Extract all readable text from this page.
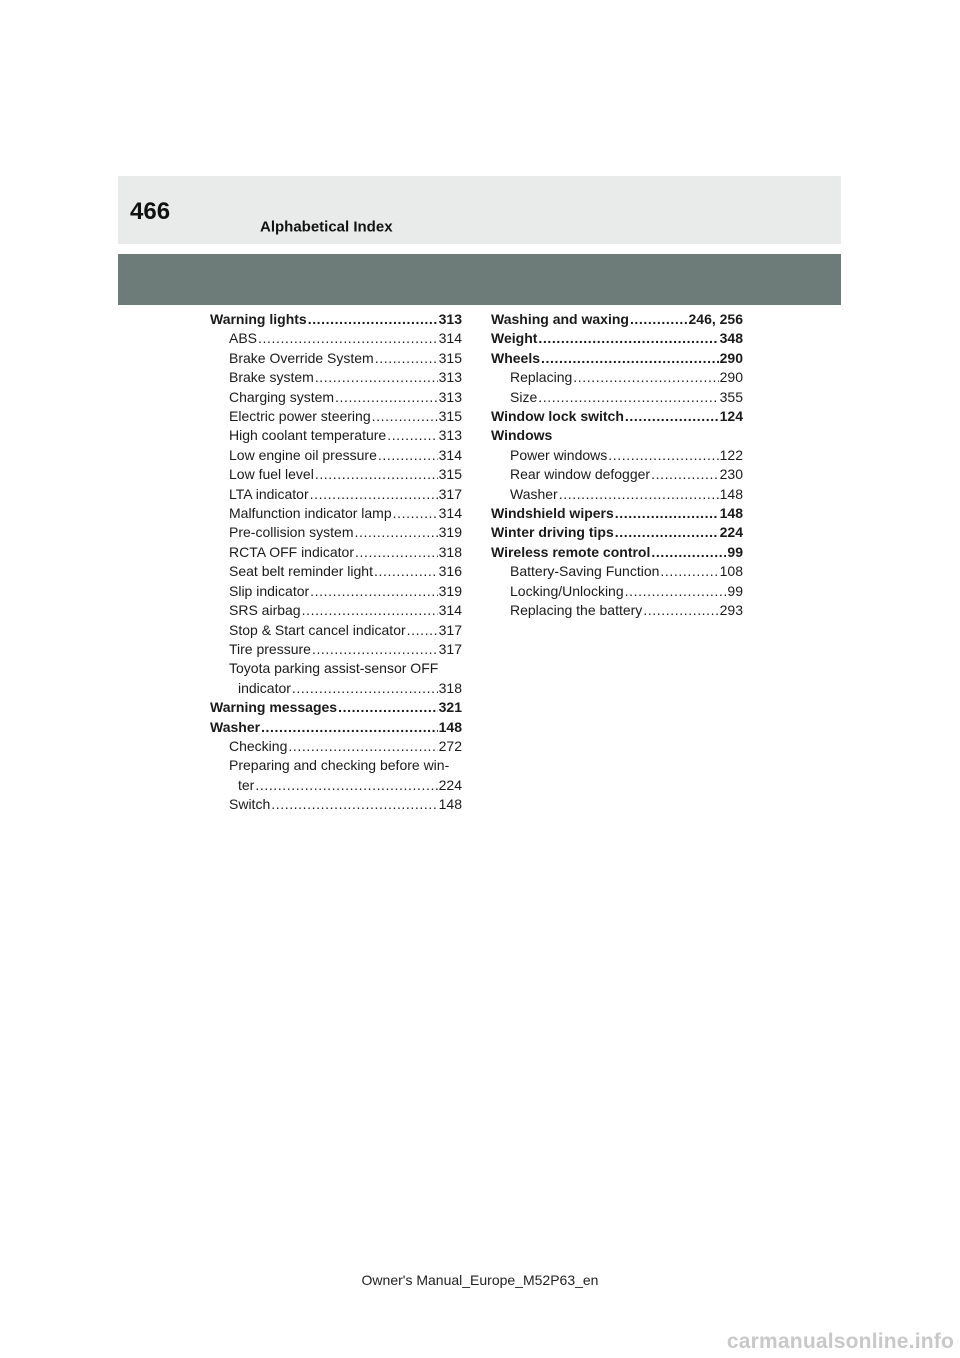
466
Alphabetical Index
Warning lights .....	313
ABS .....	314
Brake Override System .....	315
Brake system .....	313
Charging system .....	313
Electric power steering .....	315
High coolant temperature .....	313
Low engine oil pressure .....	314
Low fuel level .....	315
LTA indicator .....	317
Malfunction indicator lamp .....	314
Pre-collision system .....	319
RCTA OFF indicator .....	318
Seat belt reminder light .....	316
Slip indicator .....	319
SRS airbag .....	314
Stop & Start cancel indicator ..... 317
Tire pressure .....	317
Toyota parking assist-sensor OFF
indicator .....	318
Warning messages .....	321
Washer .....	148
Checking .....	272
Preparing and checking before win-
ter .....	224
Switch .....	148
Washing and waxing .....	246, 256
Weight .....	348
Wheels .....	290
Replacing .....	290
Size .....	355
Window lock switch .....	124
Windows
Power windows .....	122
Rear window defogger .....	230
Washer .....	148
Windshield wipers .....	148
Winter driving tips .....	224
Wireless remote control .....	99
Battery-Saving Function .....	108
Locking/Unlocking .....	99
Replacing the battery .....	293
Owner's Manual_Europe_M52P63_en
carmanualsonline.info
